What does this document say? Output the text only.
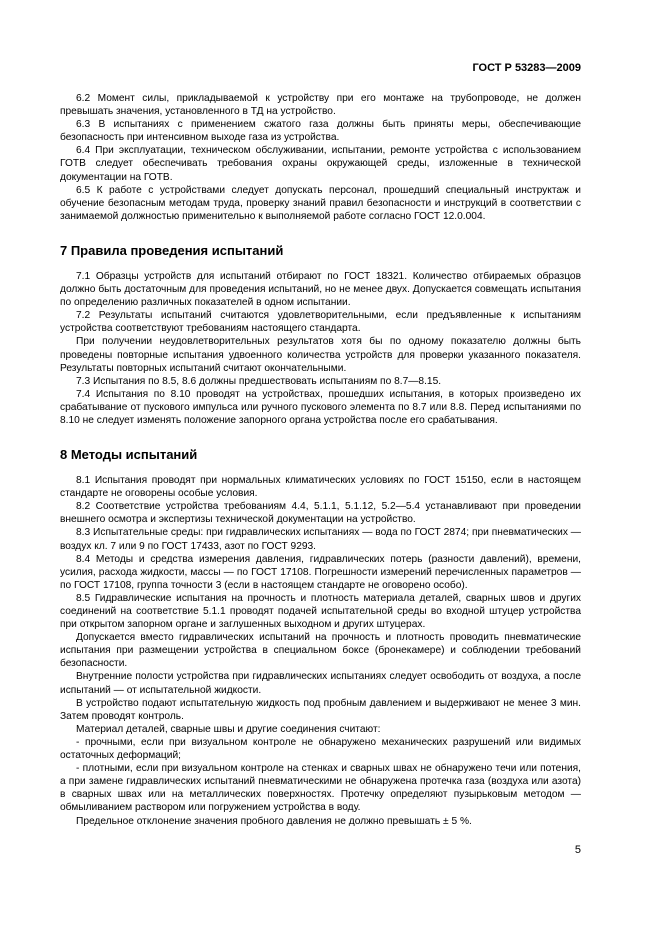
ГОСТ Р 53283—2009

6.2 Момент силы, прикладываемой к устройству при его монтаже на трубопроводе, не должен превышать значения, установленного в ТД на устройство.

6.3 В испытаниях с применением сжатого газа должны быть приняты меры, обеспечивающие безопасность при интенсивном выходе газа из устройства.

6.4 При эксплуатации, техническом обслуживании, испытании, ремонте устройства с использованием ГОТВ следует обеспечивать требования охраны окружающей среды, изложенные в технической документации на ГОТВ.

6.5 К работе с устройствами следует допускать персонал, прошедший специальный инструктаж и обучение безопасным методам труда, проверку знаний правил безопасности и инструкций в соответствии с занимаемой должностью применительно к выполняемой работе согласно ГОСТ 12.0.004.

7 Правила проведения испытаний

7.1 Образцы устройств для испытаний отбирают по ГОСТ 18321. Количество отбираемых образцов должно быть достаточным для проведения испытаний, но не менее двух. Допускается совмещать испытания по определению различных показателей в одном испытании.

7.2 Результаты испытаний считаются удовлетворительными, если предъявленные к испытаниям устройства соответствуют требованиям настоящего стандарта.

При получении неудовлетворительных результатов хотя бы по одному показателю должны быть проведены повторные испытания удвоенного количества устройств для проверки указанного показателя. Результаты повторных испытаний считают окончательными.

7.3 Испытания по 8.5, 8.6 должны предшествовать испытаниям по 8.7—8.15.

7.4 Испытания по 8.10 проводят на устройствах, прошедших испытания, в которых произведено их срабатывание от пускового импульса или ручного пускового элемента по 8.7 или 8.8. Перед испытаниями по 8.10 не следует изменять положение запорного органа устройства после его срабатывания.

8 Методы испытаний

8.1 Испытания проводят при нормальных климатических условиях по ГОСТ 15150, если в настоящем стандарте не оговорены особые условия.

8.2 Соответствие устройства требованиям 4.4, 5.1.1, 5.1.12, 5.2—5.4 устанавливают при проведении внешнего осмотра и экспертизы технической документации на устройство.

8.3 Испытательные среды: при гидравлических испытаниях — вода по ГОСТ 2874; при пневматических — воздух кл. 7 или 9 по ГОСТ 17433, азот по ГОСТ 9293.

8.4 Методы и средства измерения давления, гидравлических потерь (разности давлений), времени, усилия, расхода жидкости, массы — по ГОСТ 17108. Погрешности измерений перечисленных параметров — по ГОСТ 17108, группа точности 3 (если в настоящем стандарте не оговорено особо).

8.5 Гидравлические испытания на прочность и плотность материала деталей, сварных швов и других соединений на соответствие 5.1.1 проводят подачей испытательной среды во входной штуцер устройства при открытом запорном органе и заглушенных выходном и других штуцерах.

Допускается вместо гидравлических испытаний на прочность и плотность проводить пневматические испытания при размещении устройства в специальном боксе (бронекамере) и соблюдении требований безопасности.

Внутренние полости устройства при гидравлических испытаниях следует освободить от воздуха, а после испытаний — от испытательной жидкости.

В устройство подают испытательную жидкость под пробным давлением и выдерживают не менее 3 мин. Затем проводят контроль.

Материал деталей, сварные швы и другие соединения считают:

- прочными, если при визуальном контроле не обнаружено механических разрушений или видимых остаточных деформаций;

- плотными, если при визуальном контроле на стенках и сварных швах не обнаружено течи или потения, а при замене гидравлических испытаний пневматическими не обнаружена протечка газа (воздуха или азота) в сварных швах или на металлических поверхностях. Протечку определяют пузырьковым методом — обмыливанием раствором или погружением устройства в воду.

Предельное отклонение значения пробного давления не должно превышать ± 5 %.

5
